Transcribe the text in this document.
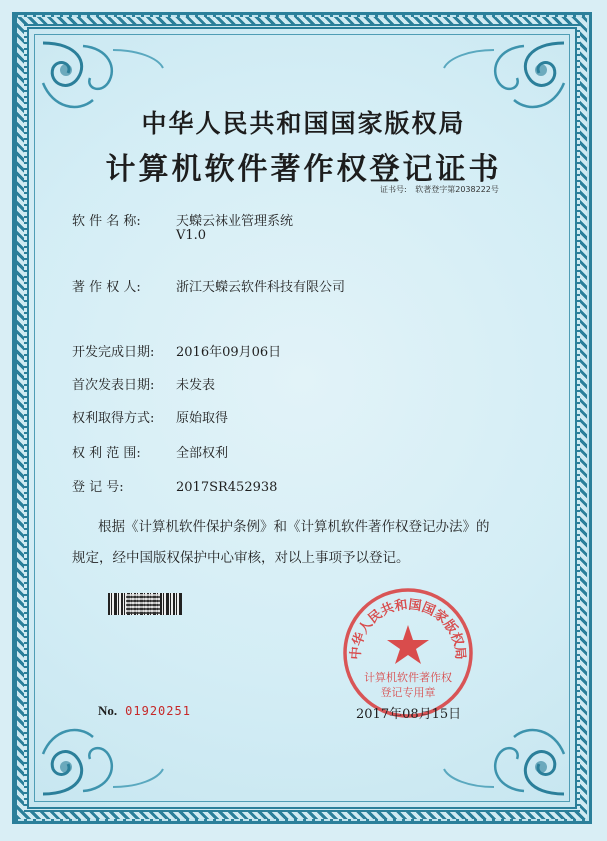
中华人民共和国国家版权局
计算机软件著作权登记证书
证书号: 软著登字第2038222号
软 件 名 称:	天蠑云袜业管理系统
V1.0
著 作 权 人:	浙江天蠑云软件科技有限公司
开发完成日期: 2016年09月06日
首次发表日期: 未发表
权利取得方式: 原始取得
权 利 范 围:	全部权利
登 记 号:	2017SR452938
根据《计算机软件保护条例》和《计算机软件著作权登记办法》的
规定，经中国版权保护中心审核，对以上事项予以登记。
中华人民共和国国家版权局
计算机软件著作权
登记专用章
No. 01920251	2017年08月15日
